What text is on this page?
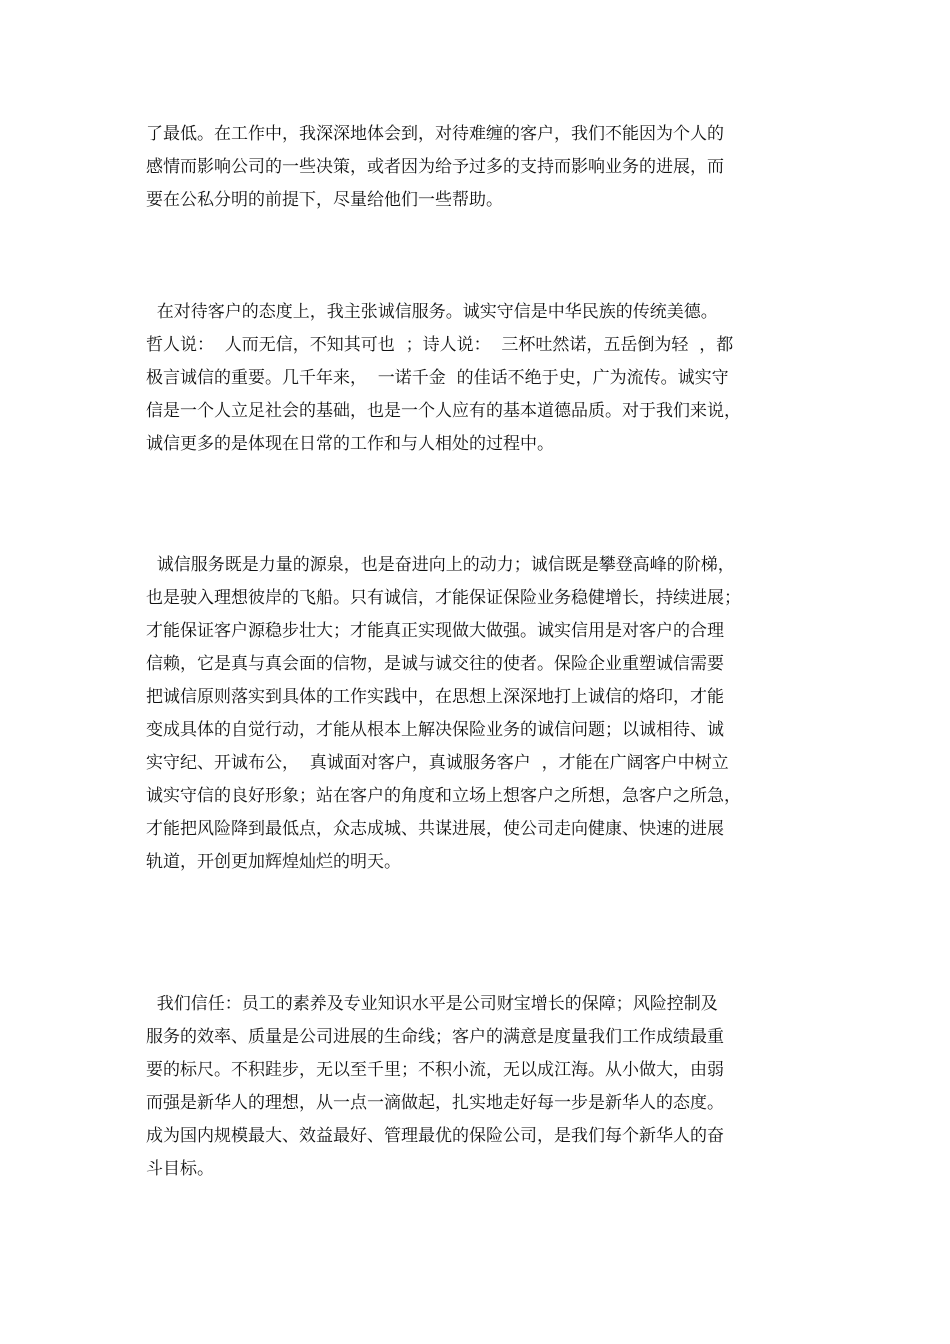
了最低。在工作中，我深深地体会到，对待难缠的客户，我们不能因为个人的
感情而影响公司的一些决策，或者因为给予过多的支持而影响业务的进展，而
要在公私分明的前提下，尽量给他们一些帮助。
在对待客户的态度上，我主张诚信服务。诚实守信是中华民族的传统美德。
哲人说：  人而无信，不知其可也  ；诗人说：  三杯吐然诺，五岳倒为轻  ，都
极言诚信的重要。几千年来，  一诺千金  的佳话不绝于史，广为流传。诚实守
信是一个人立足社会的基础，也是一个人应有的基本道德品质。对于我们来说，
诚信更多的是体现在日常的工作和与人相处的过程中。
诚信服务既是力量的源泉，也是奋进向上的动力；诚信既是攀登高峰的阶梯，
也是驶入理想彼岸的飞船。只有诚信，才能保证保险业务稳健增长，持续进展；
才能保证客户源稳步壮大；才能真正实现做大做强。诚实信用是对客户的合理
信赖，它是真与真会面的信物，是诚与诚交往的使者。保险企业重塑诚信需要
把诚信原则落实到具体的工作实践中，在思想上深深地打上诚信的烙印，才能
变成具体的自觉行动，才能从根本上解决保险业务的诚信问题；以诚相待、诚
实守纪、开诚布公，  真诚面对客户，真诚服务客户  ，才能在广阔客户中树立
诚实守信的良好形象；站在客户的角度和立场上想客户之所想，急客户之所急，
才能把风险降到最低点，众志成城、共谋进展，使公司走向健康、快速的进展
轨道，开创更加辉煌灿烂的明天。
我们信任：员工的素养及专业知识水平是公司财宝增长的保障；风险控制及
服务的效率、质量是公司进展的生命线；客户的满意是度量我们工作成绩最重
要的标尺。不积跬步，无以至千里；不积小流，无以成江海。从小做大，由弱
而强是新华人的理想，从一点一滴做起，扎实地走好每一步是新华人的态度。
成为国内规模最大、效益最好、管理最优的保险公司，是我们每个新华人的奋
斗目标。
